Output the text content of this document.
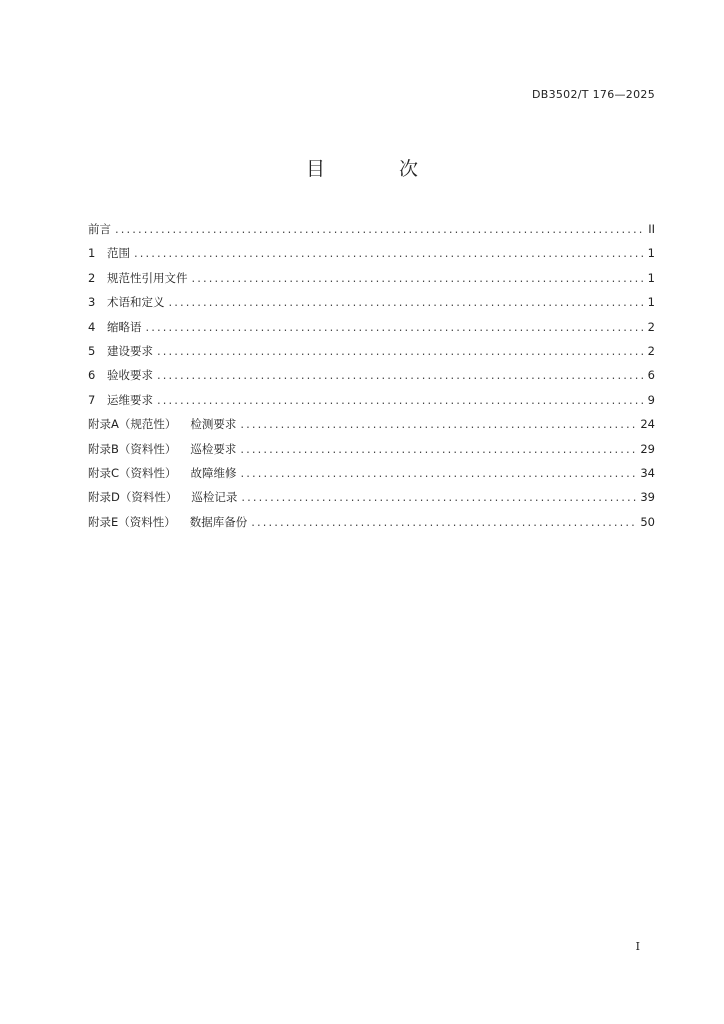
DB3502/T 176—2025
目 次
前言 .....	II
1	范围 .....	1
2	规范性引用文件 .....	1
3	术语和定义 .....	1
4	缩略语 .....	2
5	建设要求 .....	2
6	验收要求 .....	6
7	运维要求 .....	9
附录A（规范性） 检测要求 .....	24
附录B（资料性） 巡检要求 .....	29
附录C（资料性） 故障维修 .....	34
附录D（资料性） 巡检记录 .....	39
附录E（资料性） 数据库备份 .....	50
I
